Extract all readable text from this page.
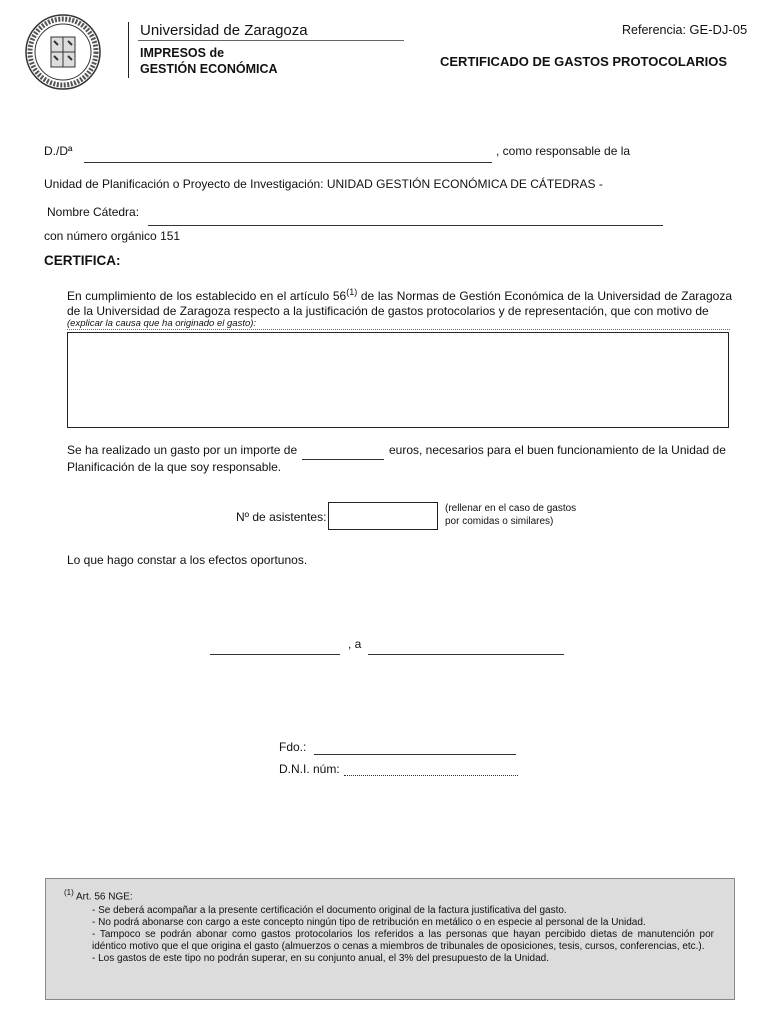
Universidad de Zaragoza
IMPRESOS de
GESTIÓN ECONÓMICA
Referencia: GE-DJ-05
CERTIFICADO DE GASTOS PROTOCOLARIOS
D./Dª	, como responsable de la
Unidad de Planificación o Proyecto de Investigación: UNIDAD GESTIÓN ECONÓMICA DE CÁTEDRAS -
Nombre Cátedra:
con número orgánico 151
CERTIFICA:
En cumplimiento de los establecido en el artículo 56$^{(1)}$ de las Normas de Gestión Económica de la Universidad de Zaragoza de la Universidad de Zaragoza respecto a la justificación de gastos protocolarios y de representación, que con motivo de
(explicar la causa que ha originado el gasto):
Se ha realizado un gasto por un importe de	euros, necesarios para el buen funcionamiento de la Unidad de
Planificación de la que soy responsable.
Nº de asistentes:
(rellenar en el caso de gastos
por comidas o similares)
Lo que hago constar a los efectos oportunos.
, a
Fdo.:
D.N.I. núm:
$^{(1)}$ Art. 56 NGE:
- Se deberá acompañar a la presente certificación el documento original de la factura justificativa del gasto.
- No podrá abonarse con cargo a este concepto ningún tipo de retribución en metálico o en especie al personal de la Unidad.
- Tampoco se podrán abonar como gastos protocolarios los referidos a las personas que hayan percibido dietas de manutención por idéntico motivo que el que origina el gasto (almuerzos o cenas a miembros de tribunales de oposiciones, tesis, cursos, conferencias, etc.).
- Los gastos de este tipo no podrán superar, en su conjunto anual, el 3% del presupuesto de la Unidad.
